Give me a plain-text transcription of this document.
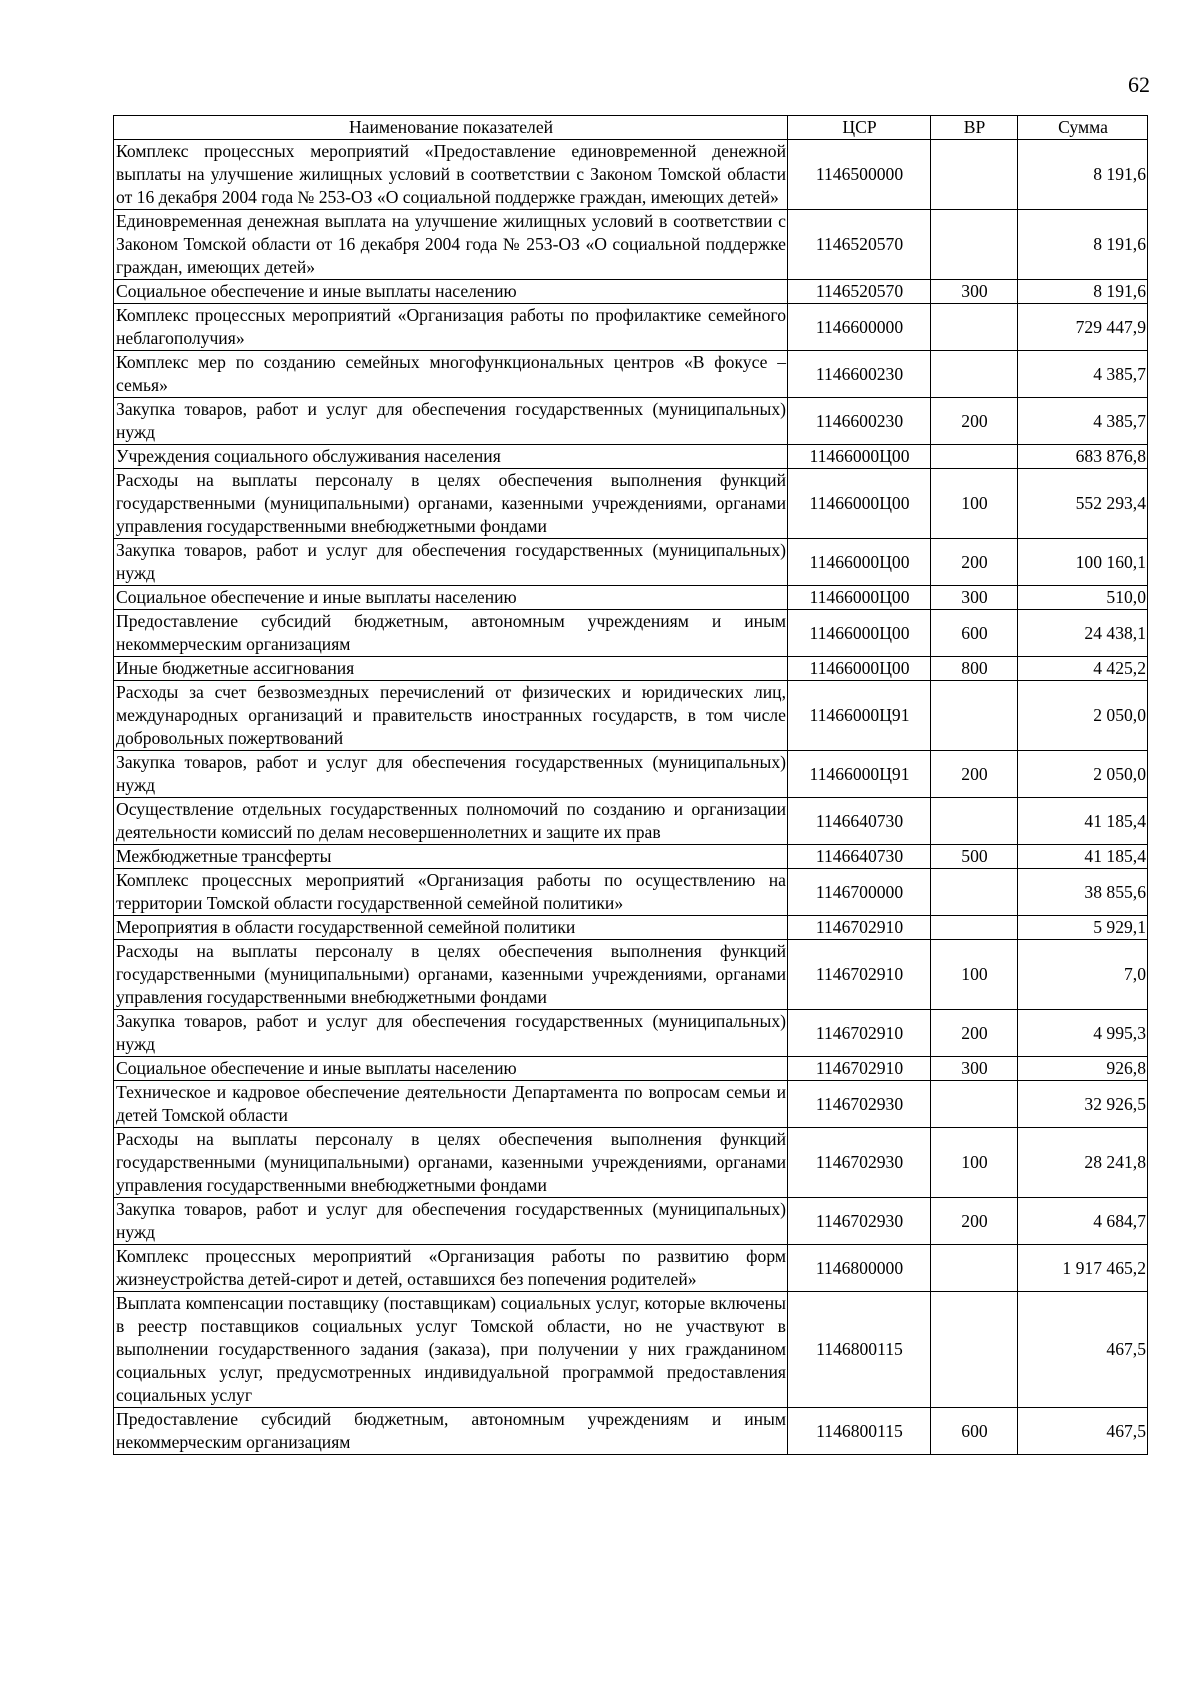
62
Наименование показателей	ЦСР	ВР	Сумма
Комплекс процессных мероприятий «Предоставление единовременной денежной выплаты на улучшение жилищных условий в соответствии с Законом Томской области от 16 декабря 2004 года № 253-ОЗ «О социальной поддержке граждан, имеющих детей»	1146500000		8 191,6
Единовременная денежная выплата на улучшение жилищных условий в соответствии с Законом Томской области от 16 декабря 2004 года № 253-ОЗ «О социальной поддержке граждан, имеющих детей»	1146520570		8 191,6
Социальное обеспечение и иные выплаты населению	1146520570	300	8 191,6
Комплекс процессных мероприятий «Организация работы по профилактике семейного неблагополучия»	1146600000		729 447,9
Комплекс мер по созданию семейных многофункциональных центров «В фокусе – семья»	1146600230		4 385,7
Закупка товаров, работ и услуг для обеспечения государственных (муниципальных) нужд	1146600230	200	4 385,7
Учреждения социального обслуживания населения	11466000Ц00		683 876,8
Расходы на выплаты персоналу в целях обеспечения выполнения функций государственными (муниципальными) органами, казенными учреждениями, органами управления государственными внебюджетными фондами	11466000Ц00	100	552 293,4
Закупка товаров, работ и услуг для обеспечения государственных (муниципальных) нужд	11466000Ц00	200	100 160,1
Социальное обеспечение и иные выплаты населению	11466000Ц00	300	510,0
Предоставление субсидий бюджетным, автономным учреждениям и иным некоммерческим организациям	11466000Ц00	600	24 438,1
Иные бюджетные ассигнования	11466000Ц00	800	4 425,2
Расходы за счет безвозмездных перечислений от физических и юридических лиц, международных организаций и правительств иностранных государств, в том числе добровольных пожертвований	11466000Ц91		2 050,0
Закупка товаров, работ и услуг для обеспечения государственных (муниципальных) нужд	11466000Ц91	200	2 050,0
Осуществление отдельных государственных полномочий по созданию и организации деятельности комиссий по делам несовершеннолетних и защите их прав	1146640730		41 185,4
Межбюджетные трансферты	1146640730	500	41 185,4
Комплекс процессных мероприятий «Организация работы по осуществлению на территории Томской области государственной семейной политики»	1146700000		38 855,6
Мероприятия в области государственной семейной политики	1146702910		5 929,1
Расходы на выплаты персоналу в целях обеспечения выполнения функций государственными (муниципальными) органами, казенными учреждениями, органами управления государственными внебюджетными фондами	1146702910	100	7,0
Закупка товаров, работ и услуг для обеспечения государственных (муниципальных) нужд	1146702910	200	4 995,3
Социальное обеспечение и иные выплаты населению	1146702910	300	926,8
Техническое и кадровое обеспечение деятельности Департамента по вопросам семьи и детей Томской области	1146702930		32 926,5
Расходы на выплаты персоналу в целях обеспечения выполнения функций государственными (муниципальными) органами, казенными учреждениями, органами управления государственными внебюджетными фондами	1146702930	100	28 241,8
Закупка товаров, работ и услуг для обеспечения государственных (муниципальных) нужд	1146702930	200	4 684,7
Комплекс процессных мероприятий «Организация работы по развитию форм жизнеустройства детей-сирот и детей, оставшихся без попечения родителей»	1146800000		1 917 465,2
Выплата компенсации поставщику (поставщикам) социальных услуг, которые включены в реестр поставщиков социальных услуг Томской области, но не участвуют в выполнении государственного задания (заказа), при получении у них гражданином социальных услуг, предусмотренных индивидуальной программой предоставления социальных услуг	1146800115		467,5
Предоставление субсидий бюджетным, автономным учреждениям и иным некоммерческим организациям	1146800115	600	467,5
